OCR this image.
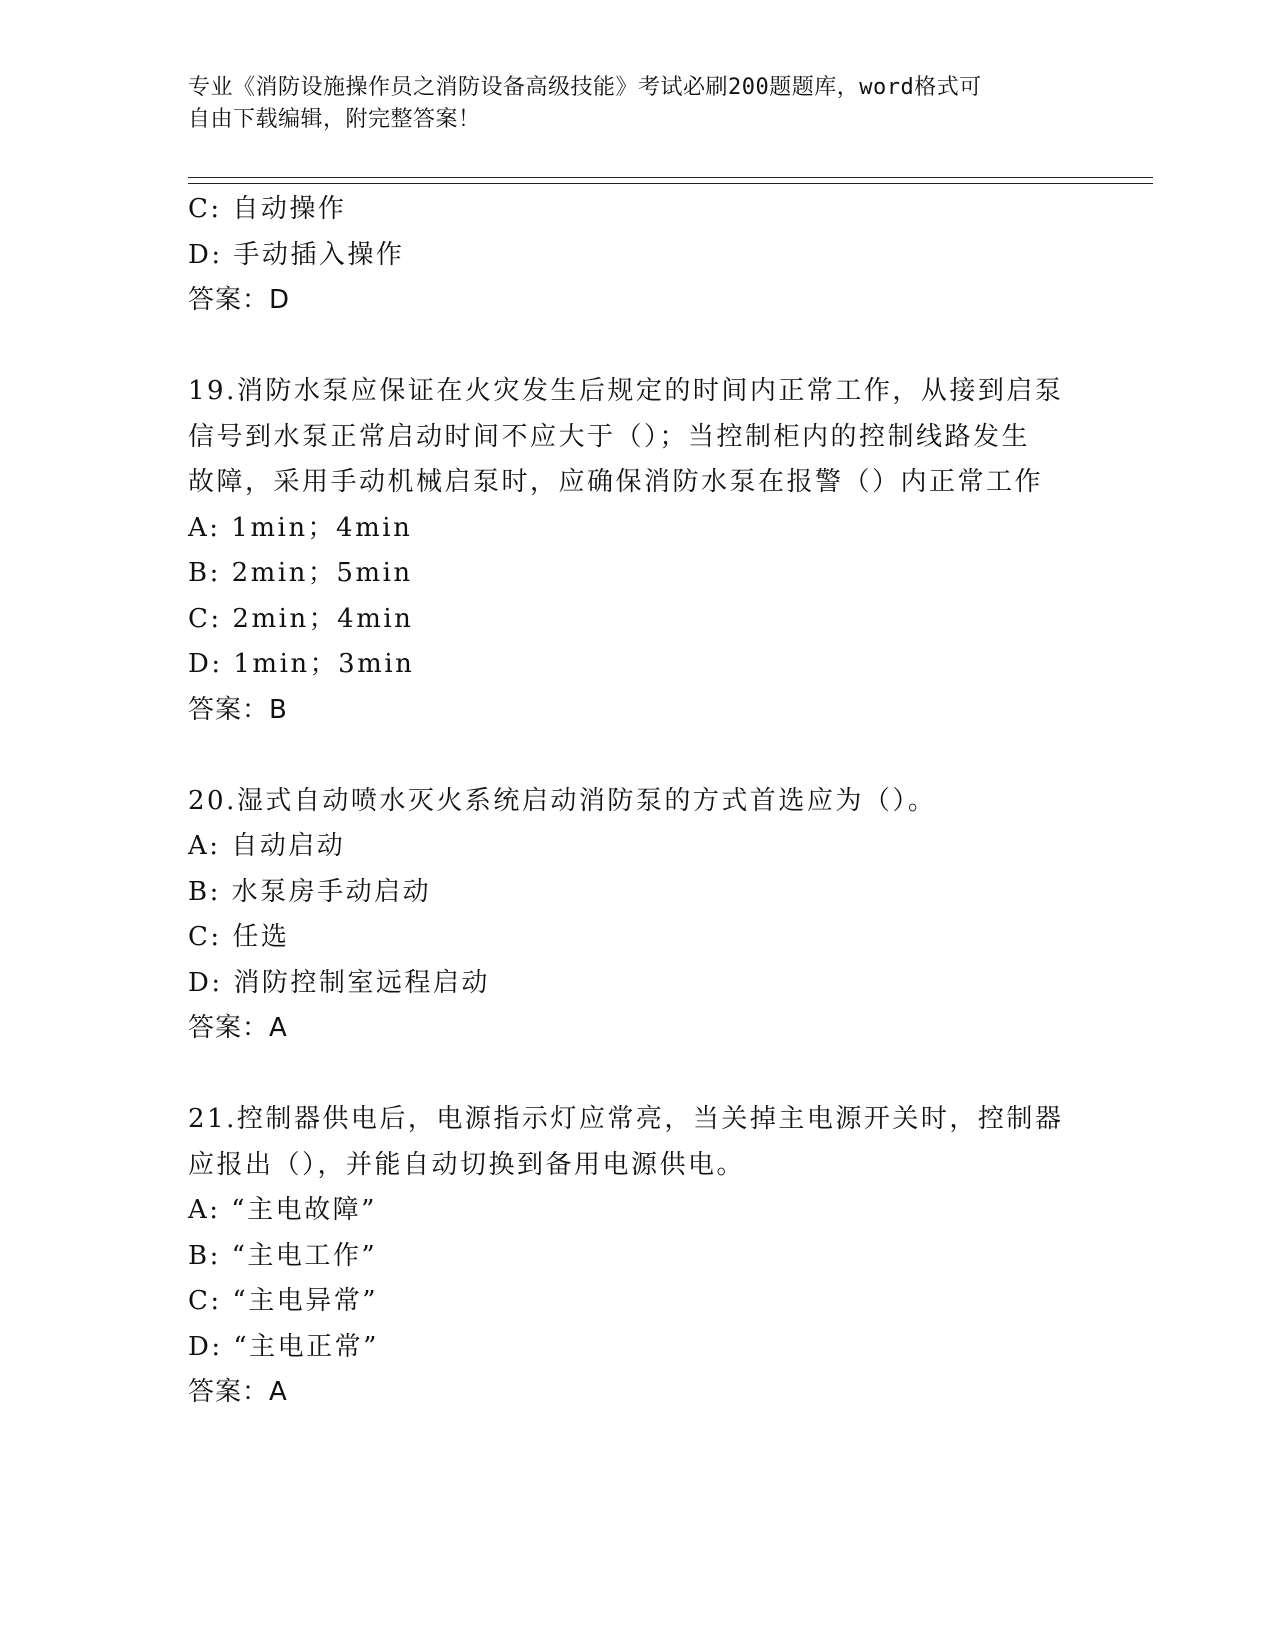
专业《消防设施操作员之消防设备高级技能》考试必刷200题题库，word格式可
自由下载编辑，附完整答案！
C: 自动操作
D: 手动插入操作
答案：D
19.消防水泵应保证在火灾发生后规定的时间内正常工作，从接到启泵
信号到水泵正常启动时间不应大于（）；当控制柜内的控制线路发生
故障，采用手动机械启泵时，应确保消防水泵在报警（）内正常工作
A: 1min；4min
B: 2min；5min
C: 2min；4min
D: 1min；3min
答案：B
20.湿式自动喷水灭火系统启动消防泵的方式首选应为（）。
A: 自动启动
B: 水泵房手动启动
C: 任选
D: 消防控制室远程启动
答案：A
21.控制器供电后，电源指示灯应常亮，当关掉主电源开关时，控制器
应报出（），并能自动切换到备用电源供电。
A: “主电故障”
B: “主电工作”
C: “主电异常”
D: “主电正常”
答案：A
